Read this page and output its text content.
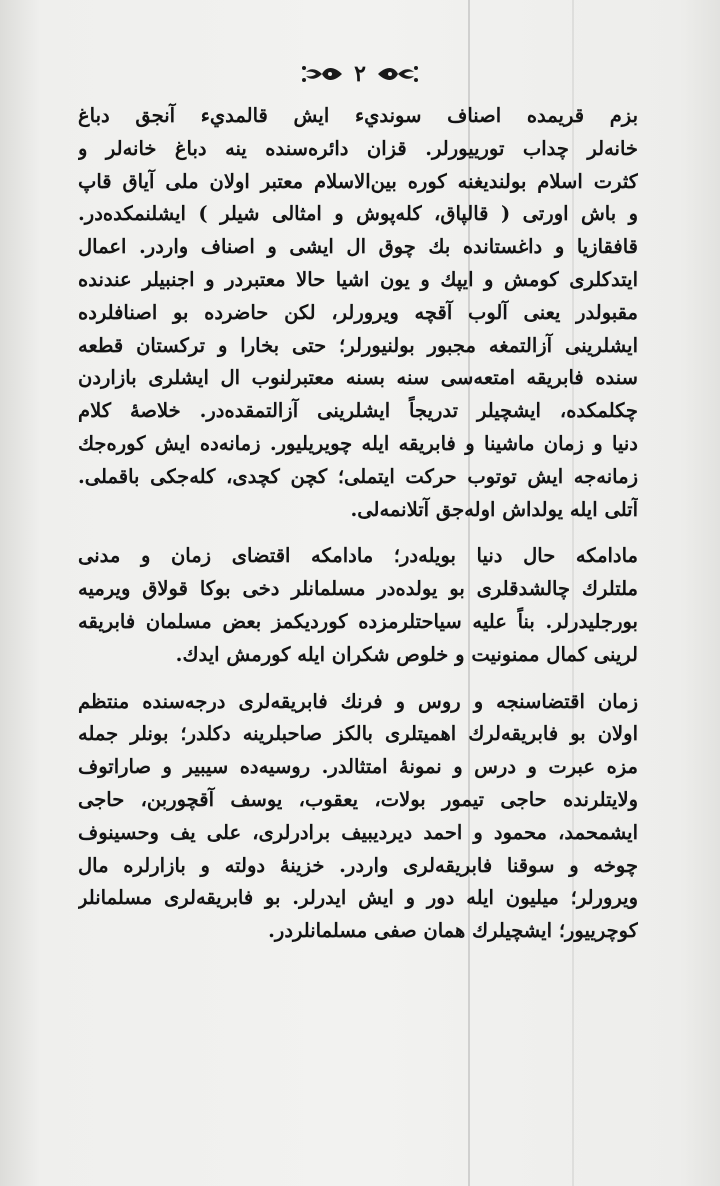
٢
بزم قريمده اصناف سونديء ايش قالمديء آنجق دباغ
خانه‌لر چداب تورييورلر. قزان دائره‌سنده ينه دباغ خانه‌لر و
كثرت اسلام بولندیغنه كوره بين‌الاسلام معتبر اولان ملى آياق قاپ
و باش اورتى ( قالپاق، كله‌پوش و امثالى شيلر ) ايشلنمكده‌در.
قافقازيا و داغستانده بك چوق ال ايشى و اصناف واردر. اعمال
ايتدكلرى كومش و ايپك و يون اشيا حالا معتبردر و اجنبيلر عندنده
مقبولدر يعنى آلوب آقچه ويرورلر، لكن حاضرده بو اصنافلرده
ايشلرينى آزالتمغه مجبور بولنيورلر؛ حتى بخارا و تركستان قطعه
سنده فابريقه امتعه‌سى سنه بسنه معتبرلنوب ال ايشلرى بازاردن
چكلمكده، ايشچيلر تدريجاً ايشلرينى آزالتمقده‌در. خلاصهٔ كلام
دنيا و زمان ماشينا و فابريقه ايله چويريليور. زمانه‌ده ايش كوره‌جك
زمانه‌جه ايش توتوب حركت ايتملى؛ كچن كچدى، كله‌جكى باقملى.
آتلى ايله يولداش اوله‌جق آتلانمه‌لى.
مادامكه حال دنيا بويله‌در؛ مادامكه اقتضاى زمان و مدنى
ملتلرك چالشدقلرى بو يولده‌در مسلمانلر دخى بوكا قولاق ويرميه
بورجليدرلر. بناً عليه سياحتلرمزده كورديكمز بعض مسلمان فابريقه
لرينى كمال ممنونيت و خلوص شكران ايله كورمش ايدك.
زمان اقتضاسنجه و روس و فرنك فابريقه‌لرى درجه‌سنده منتظم
اولان بو فابريقه‌لرك اهميتلرى بالكز صاحبلرينه دكلدر؛ بونلر جمله
مزه عبرت و درس و نمونهٔ امتثالدر. روسيه‌ده سيبير و صاراتوف
ولايتلرنده حاجى تيمور بولات، يعقوب، يوسف آقچوربن، حاجى
ايشمحمد، محمود و احمد ديرديبيف برادرلرى، على يف وحسينوف
چوخه و سوقنا فابريقه‌لرى واردر. خزينهٔ دولته و بازارلره مال
ويرورلر؛ ميليون ايله دور و ايش ايدرلر. بو فابريقه‌لرى مسلمانلر
كوچرييور؛ ايشچيلرك همان صفى مسلمانلردر.
